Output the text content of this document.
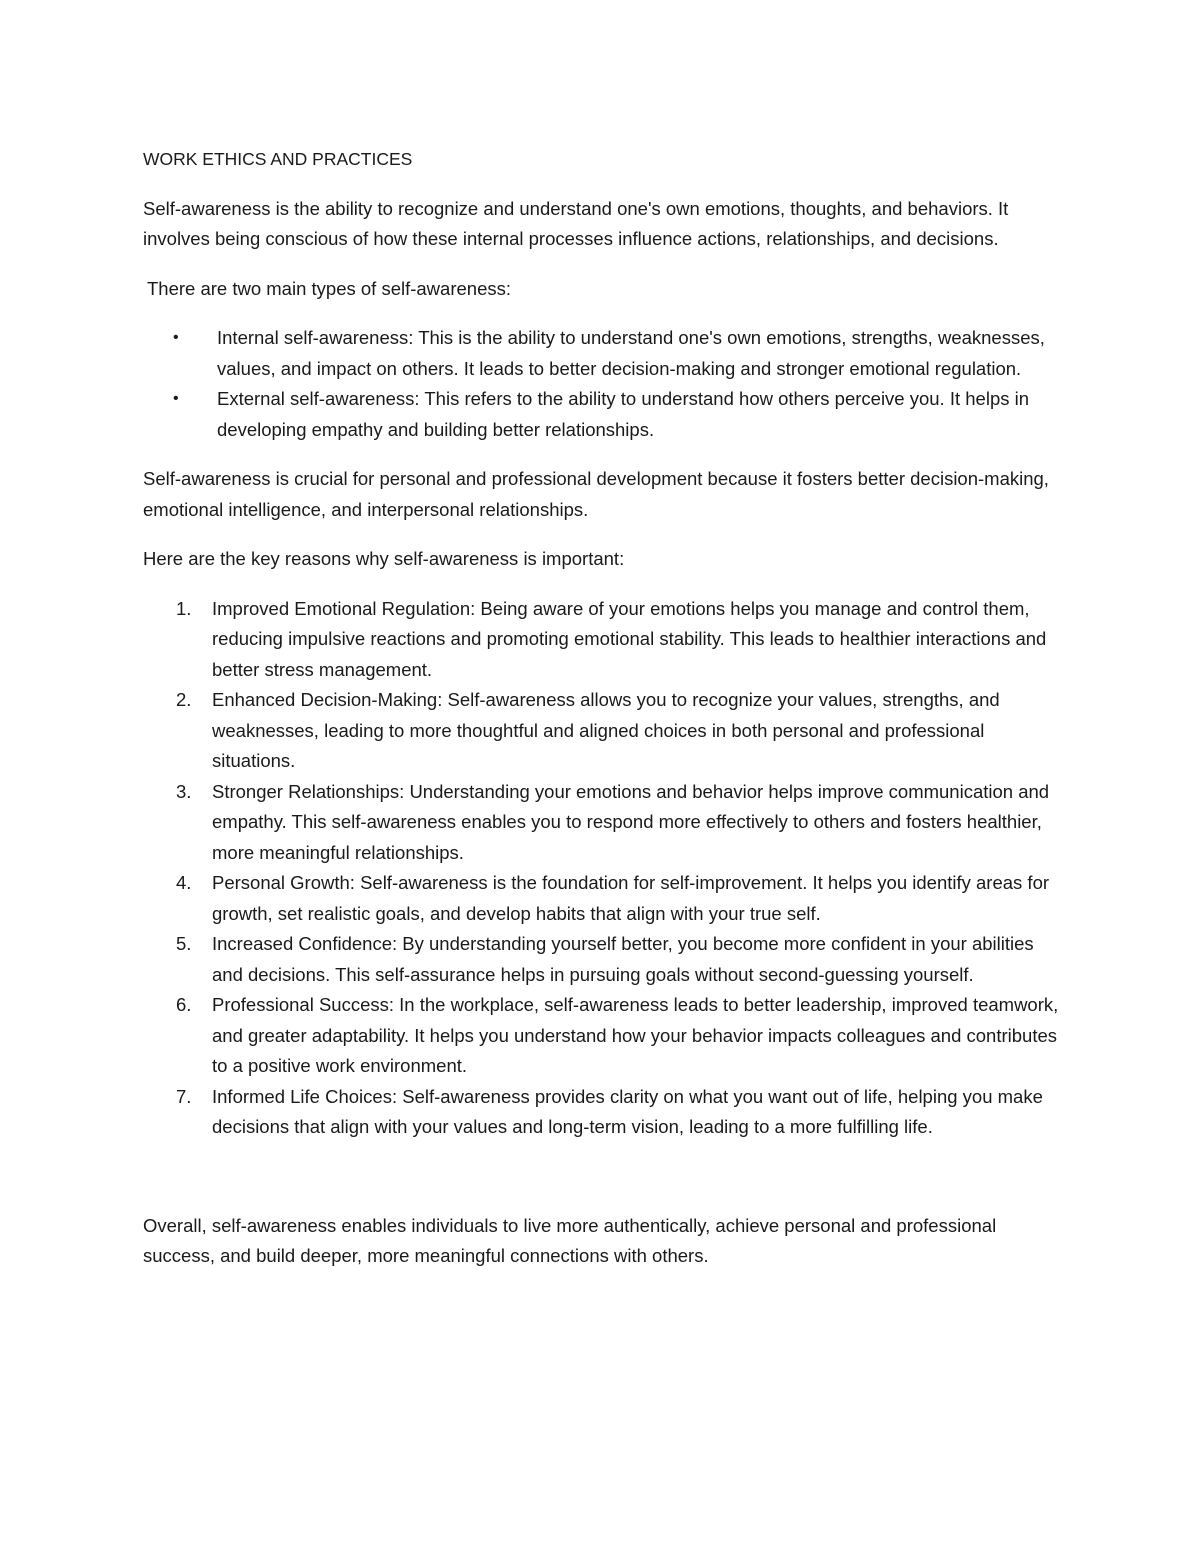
WORK ETHICS AND PRACTICES

Self-awareness is the ability to recognize and understand one's own emotions, thoughts, and behaviors. It involves being conscious of how these internal processes influence actions, relationships, and decisions.

There are two main types of self-awareness:

• Internal self-awareness: This is the ability to understand one's own emotions, strengths, weaknesses, values, and impact on others. It leads to better decision-making and stronger emotional regulation.
• External self-awareness: This refers to the ability to understand how others perceive you. It helps in developing empathy and building better relationships.

Self-awareness is crucial for personal and professional development because it fosters better decision-making, emotional intelligence, and interpersonal relationships.

Here are the key reasons why self-awareness is important:

1. Improved Emotional Regulation: Being aware of your emotions helps you manage and control them, reducing impulsive reactions and promoting emotional stability. This leads to healthier interactions and better stress management.
2. Enhanced Decision-Making: Self-awareness allows you to recognize your values, strengths, and weaknesses, leading to more thoughtful and aligned choices in both personal and professional situations.
3. Stronger Relationships: Understanding your emotions and behavior helps improve communication and empathy. This self-awareness enables you to respond more effectively to others and fosters healthier, more meaningful relationships.
4. Personal Growth: Self-awareness is the foundation for self-improvement. It helps you identify areas for growth, set realistic goals, and develop habits that align with your true self.
5. Increased Confidence: By understanding yourself better, you become more confident in your abilities and decisions. This self-assurance helps in pursuing goals without second-guessing yourself.
6. Professional Success: In the workplace, self-awareness leads to better leadership, improved teamwork, and greater adaptability. It helps you understand how your behavior impacts colleagues and contributes to a positive work environment.
7. Informed Life Choices: Self-awareness provides clarity on what you want out of life, helping you make decisions that align with your values and long-term vision, leading to a more fulfilling life.

Overall, self-awareness enables individuals to live more authentically, achieve personal and professional success, and build deeper, more meaningful connections with others.
